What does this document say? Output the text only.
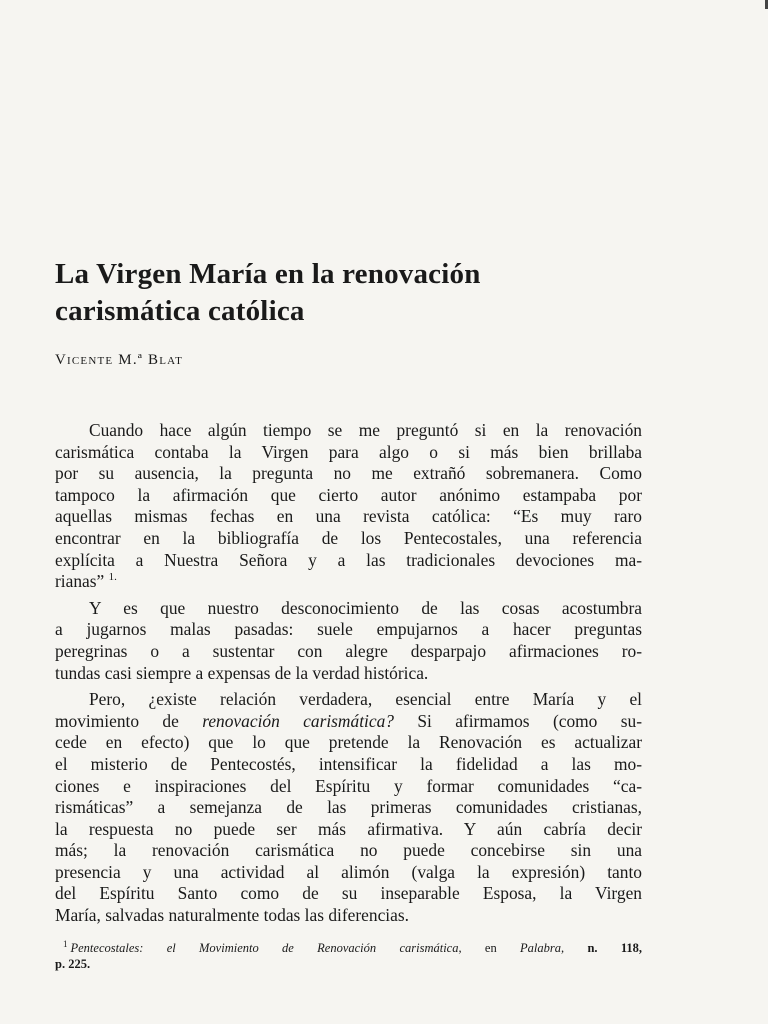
La Virgen María en la renovación
carismática católica
Vicente M.ª Blat

Cuando hace algún tiempo se me preguntó si en la renovación
carismática contaba la Virgen para algo o si más bien brillaba
por su ausencia, la pregunta no me extrañó sobremanera. Como
tampoco la afirmación que cierto autor anónimo estampaba por
aquellas mismas fechas en una revista católica: “Es muy raro
encontrar en la bibliografía de los Pentecostales, una referencia
explícita a Nuestra Señora y a las tradicionales devociones ma-
rianas” $^{1.}$

Y es que nuestro desconocimiento de las cosas acostumbra
a jugarnos malas pasadas: suele empujarnos a hacer preguntas
peregrinas o a sustentar con alegre desparpajo afirmaciones ro-
tundas casi siempre a expensas de la verdad histórica.

Pero, ¿existe relación verdadera, esencial entre María y el
movimiento de renovación carismática? Si afirmamos (como su-
cede en efecto) que lo que pretende la Renovación es actualizar
el misterio de Pentecostés, intensificar la fidelidad a las mo-
ciones e inspiraciones del Espíritu y formar comunidades “ca-
rismáticas” a semejanza de las primeras comunidades cristianas,
la respuesta no puede ser más afirmativa. Y aún cabría decir
más; la renovación carismática no puede concebirse sin una
presencia y una actividad al alimón (valga la expresión) tanto
del Espíritu Santo como de su inseparable Esposa, la Virgen
María, salvadas naturalmente todas las diferencias.

$^1$ Pentecostales: el Movimiento de Renovación carismática, en Palabra, n. 118,
p. 225.
